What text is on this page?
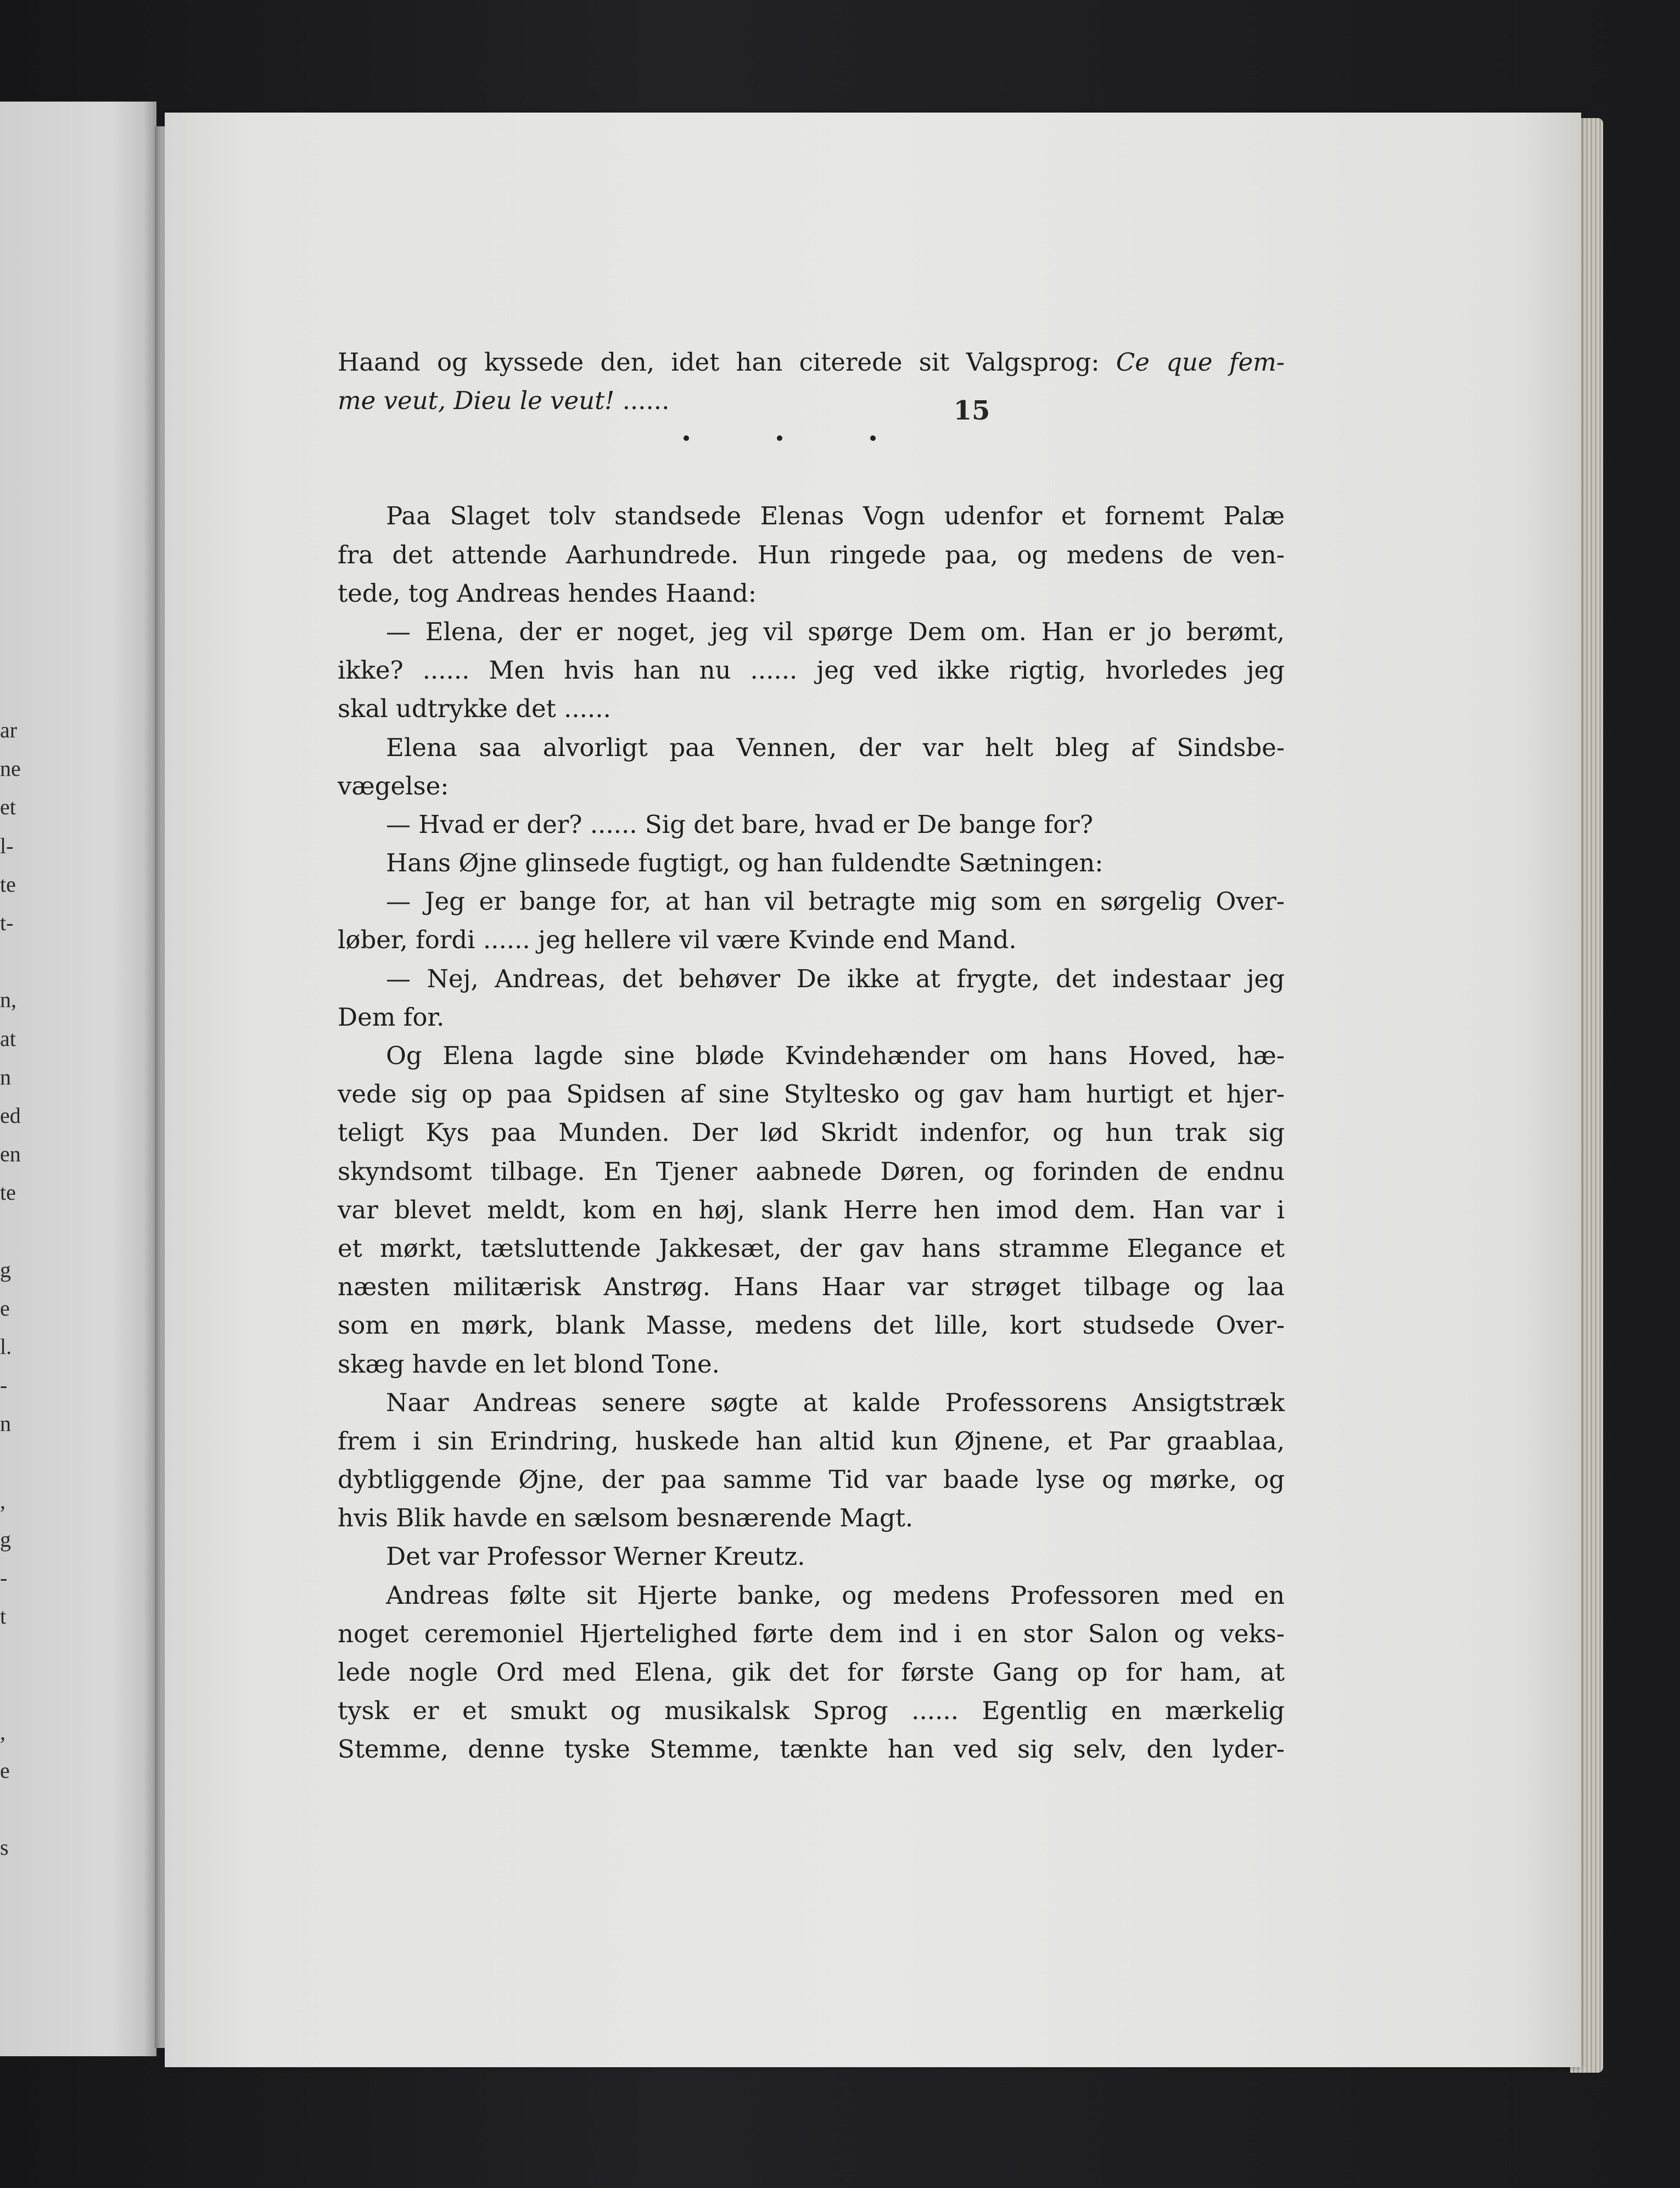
ar
ne
et
l-
te
t-
n,
at
n
ed
en
te
g
e
l.
-
n
,
g
-
t
,
e
s
15
Haand og kyssede den, idet han citerede sit Valgsprog: Ce que fem-
me veut, Dieu le veut! ......
Paa Slaget tolv standsede Elenas Vogn udenfor et fornemt Palæ
fra det attende Aarhundrede. Hun ringede paa, og medens de ven-
tede, tog Andreas hendes Haand:
— Elena, der er noget, jeg vil spørge Dem om. Han er jo berømt,
ikke? ...... Men hvis han nu ...... jeg ved ikke rigtig, hvorledes jeg
skal udtrykke det ......
Elena saa alvorligt paa Vennen, der var helt bleg af Sindsbe-
vægelse:
— Hvad er der? ...... Sig det bare, hvad er De bange for?
Hans Øjne glinsede fugtigt, og han fuldendte Sætningen:
— Jeg er bange for, at han vil betragte mig som en sørgelig Over-
løber, fordi ...... jeg hellere vil være Kvinde end Mand.
— Nej, Andreas, det behøver De ikke at frygte, det indestaar jeg
Dem for.
Og Elena lagde sine bløde Kvindehænder om hans Hoved, hæ-
vede sig op paa Spidsen af sine Styltesko og gav ham hurtigt et hjer-
teligt Kys paa Munden. Der lød Skridt indenfor, og hun trak sig
skyndsomt tilbage. En Tjener aabnede Døren, og forinden de endnu
var blevet meldt, kom en høj, slank Herre hen imod dem. Han var i
et mørkt, tætsluttende Jakkesæt, der gav hans stramme Elegance et
næsten militærisk Anstrøg. Hans Haar var strøget tilbage og laa
som en mørk, blank Masse, medens det lille, kort studsede Over-
skæg havde en let blond Tone.
Naar Andreas senere søgte at kalde Professorens Ansigtstræk
frem i sin Erindring, huskede han altid kun Øjnene, et Par graablaa,
dybtliggende Øjne, der paa samme Tid var baade lyse og mørke, og
hvis Blik havde en sælsom besnærende Magt.
Det var Professor Werner Kreutz.
Andreas følte sit Hjerte banke, og medens Professoren med en
noget ceremoniel Hjertelighed førte dem ind i en stor Salon og veks-
lede nogle Ord med Elena, gik det for første Gang op for ham, at
tysk er et smukt og musikalsk Sprog ...... Egentlig en mærkelig
Stemme, denne tyske Stemme, tænkte han ved sig selv, den lyder-
